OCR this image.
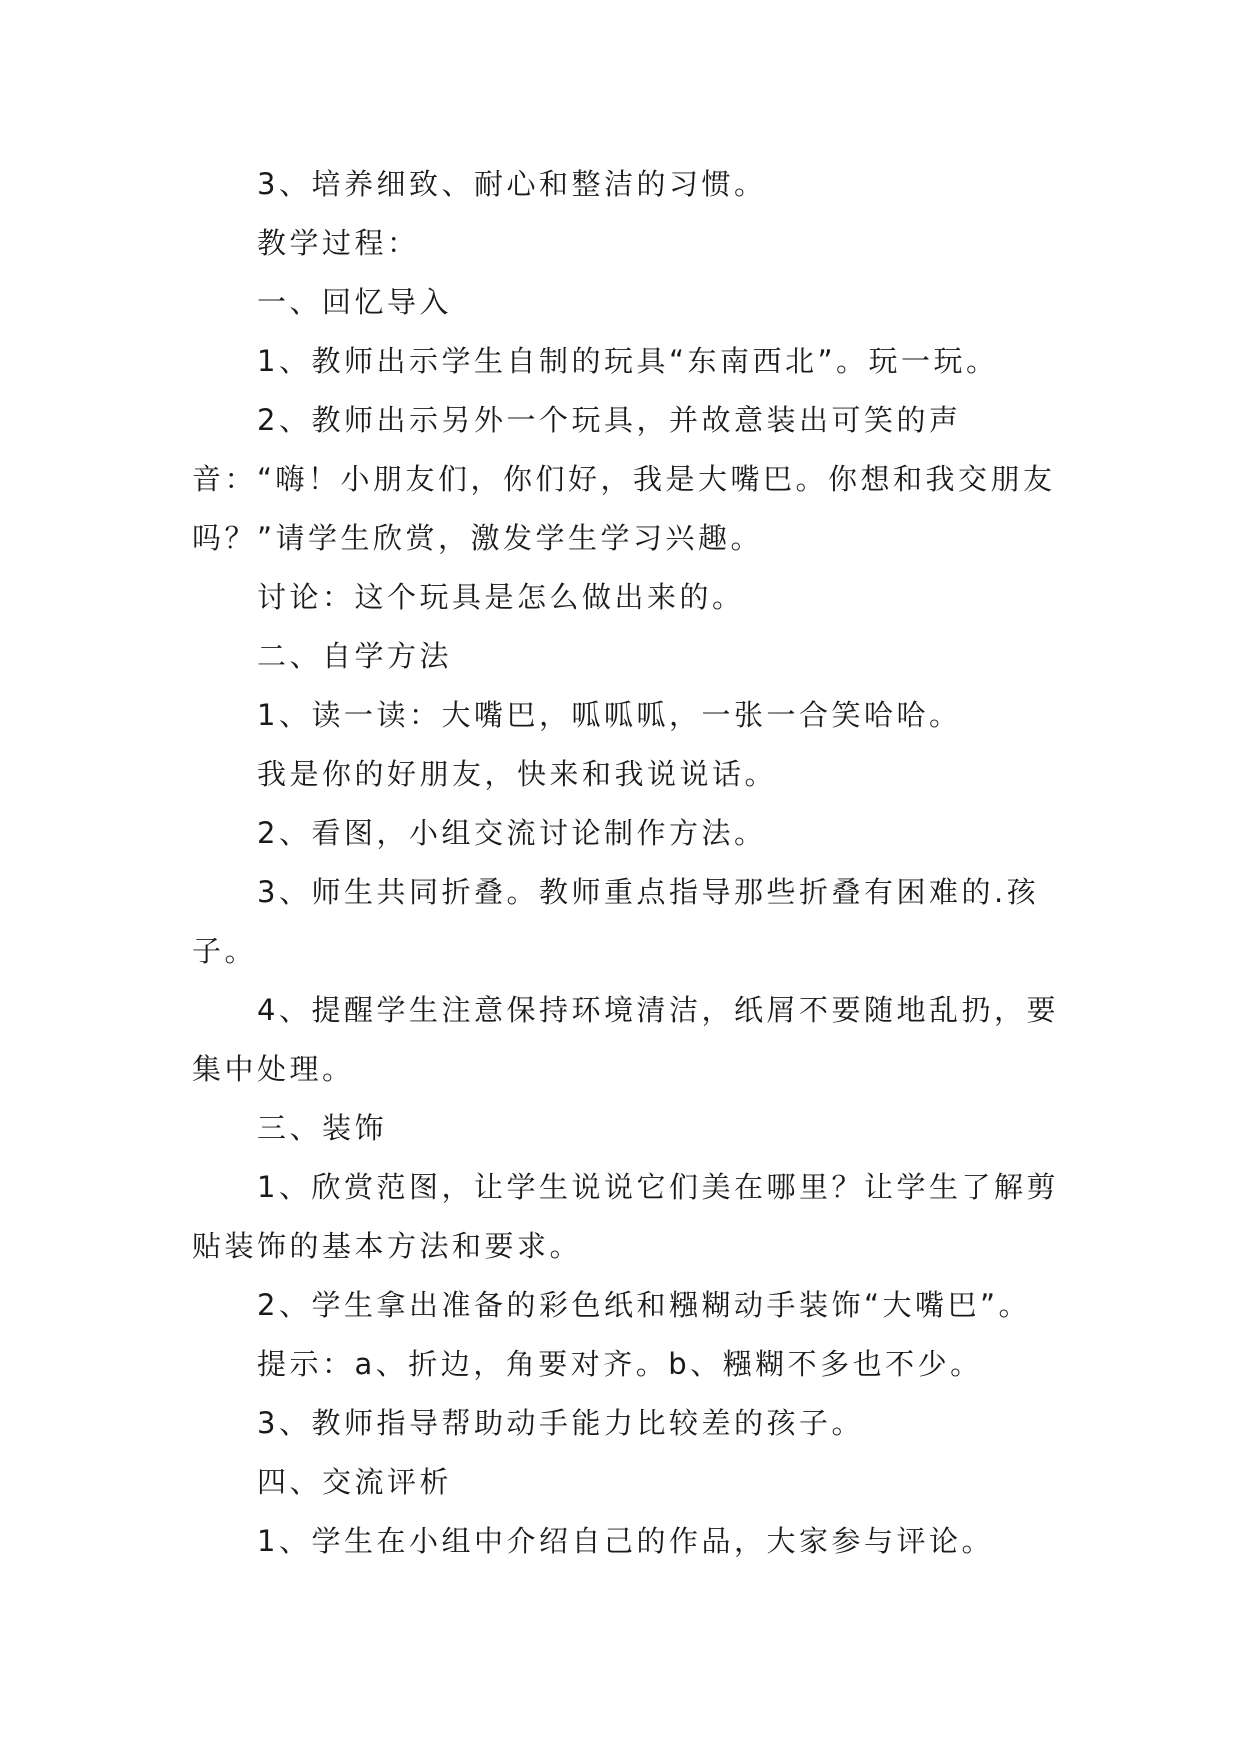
3、培养细致、耐心和整洁的习惯。

教学过程：

一、回忆导入

1、教师出示学生自制的玩具“东南西北”。玩一玩。

2、教师出示另外一个玩具，并故意装出可笑的声音：“嗨！小朋友们，你们好，我是大嘴巴。你想和我交朋友吗？”请学生欣赏，激发学生学习兴趣。

讨论：这个玩具是怎么做出来的。

二、自学方法

1、读一读：大嘴巴，呱呱呱，一张一合笑哈哈。

我是你的好朋友，快来和我说说话。

2、看图，小组交流讨论制作方法。

3、师生共同折叠。教师重点指导那些折叠有困难的.孩子。

4、提醒学生注意保持环境清洁，纸屑不要随地乱扔，要集中处理。

三、装饰

1、欣赏范图，让学生说说它们美在哪里？让学生了解剪贴装饰的基本方法和要求。

2、学生拿出准备的彩色纸和糨糊动手装饰“大嘴巴”。

提示：a、折边，角要对齐。b、糨糊不多也不少。

3、教师指导帮助动手能力比较差的孩子。

四、交流评析

1、学生在小组中介绍自己的作品，大家参与评论。
